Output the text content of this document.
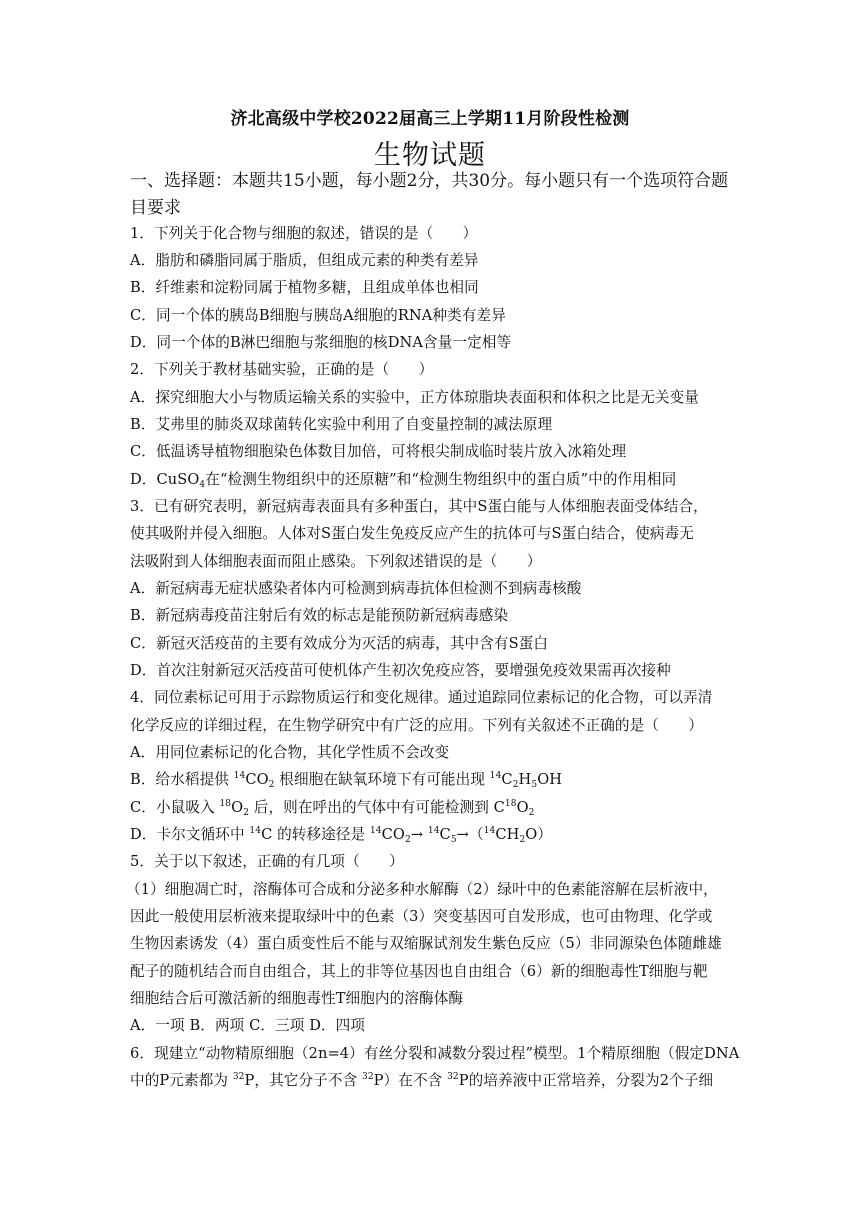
济北高级中学校2022届高三上学期11月阶段性检测
生物试题
一、选择题：本题共15小题，每小题2分，共30分。每小题只有一个选项符合题目要求
1．下列关于化合物与细胞的叙述，错误的是（　　）
A．脂肪和磷脂同属于脂质，但组成元素的种类有差异
B．纤维素和淀粉同属于植物多糖，且组成单体也相同
C．同一个体的胰岛B细胞与胰岛A细胞的RNA种类有差异
D．同一个体的B淋巴细胞与浆细胞的核DNA含量一定相等
2．下列关于教材基础实验，正确的是（　　）
A．探究细胞大小与物质运输关系的实验中，正方体琼脂块表面积和体积之比是无关变量
B．艾弗里的肺炎双球菌转化实验中利用了自变量控制的减法原理
C．低温诱导植物细胞染色体数目加倍，可将根尖制成临时装片放入冰箱处理
D．CuSO$_4$在“检测生物组织中的还原糖”和“检测生物组织中的蛋白质”中的作用相同
3．已有研究表明，新冠病毒表面具有多种蛋白，其中S蛋白能与人体细胞表面受体结合，
使其吸附并侵入细胞。人体对S蛋白发生免疫反应产生的抗体可与S蛋白结合，使病毒无
法吸附到人体细胞表面而阻止感染。下列叙述错误的是（　　）
A．新冠病毒无症状感染者体内可检测到病毒抗体但检测不到病毒核酸
B．新冠病毒疫苗注射后有效的标志是能预防新冠病毒感染
C．新冠灭活疫苗的主要有效成分为灭活的病毒，其中含有S蛋白
D．首次注射新冠灭活疫苗可使机体产生初次免疫应答，要增强免疫效果需再次接种
4．同位素标记可用于示踪物质运行和变化规律。通过追踪同位素标记的化合物，可以弄清
化学反应的详细过程，在生物学研究中有广泛的应用。下列有关叙述不正确的是（　　）
A．用同位素标记的化合物，其化学性质不会改变
B．给水稻提供 $^{14}CO_2$ 根细胞在缺氧环境下有可能出现 $^{14}C_2H_5OH$
C．小鼠吸入 $^{18}O_2$ 后，则在呼出的气体中有可能检测到 $C^{18}O_2$
D．卡尔文循环中 $^{14}$C 的转移途径是 $^{14}CO_2\to ^{14}C_5\to(^{14}CH_2O)$
5．关于以下叙述，正确的有几项（　　）
（1）细胞凋亡时，溶酶体可合成和分泌多种水解酶（2）绿叶中的色素能溶解在层析液中，
因此一般使用层析液来提取绿叶中的色素（3）突变基因可自发形成，也可由物理、化学或
生物因素诱发（4）蛋白质变性后不能与双缩脲试剂发生紫色反应（5）非同源染色体随雌雄
配子的随机结合而自由组合，其上的非等位基因也自由组合（6）新的细胞毒性T细胞与靶
细胞结合后可激活新的细胞毒性T细胞内的溶酶体酶
A．一项 B．两项 C．三项 D．四项
6．现建立“动物精原细胞（2n=4）有丝分裂和减数分裂过程”模型。1个精原细胞（假定DNA
中的P元素都为 $^{32}$P，其它分子不含 $^{32}$P）在不含 $^{32}$P的培养液中正常培养，分裂为2个子细
